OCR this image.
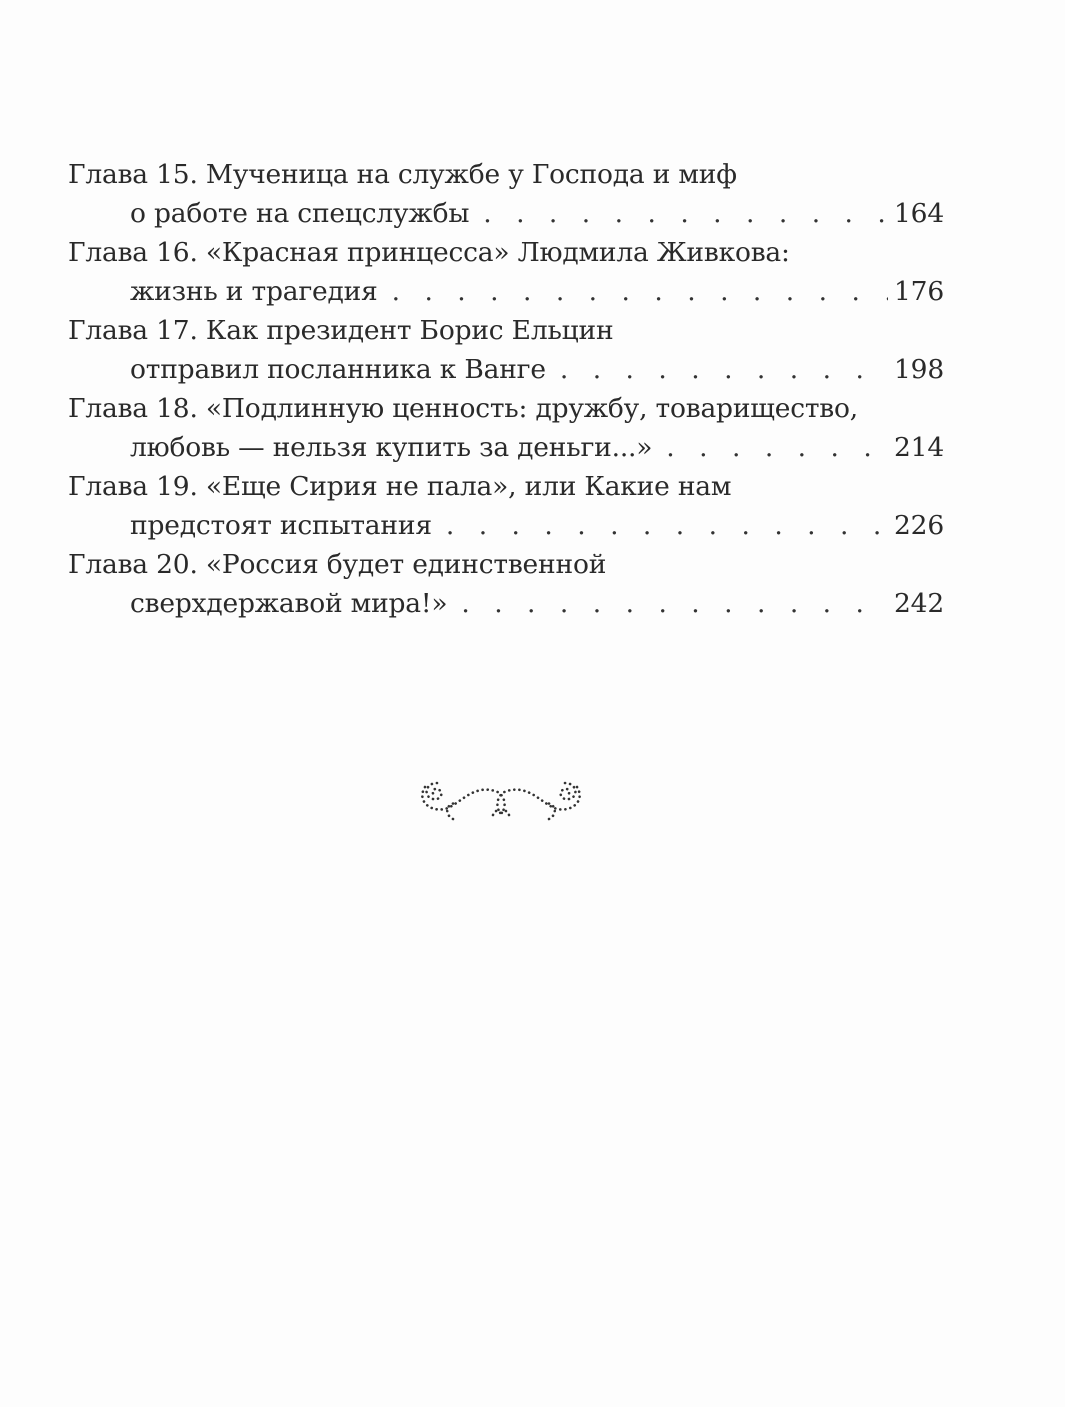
Глава 15. Мученица на службе у Господа и миф
о работе на спецслужбы . . .	164
Глава 16. «Красная принцесса» Людмила Живкова:
жизнь и трагедия . . .	176
Глава 17. Как президент Борис Ельцин
отправил посланника к Ванге . . .	198
Глава 18. «Подлинную ценность: дружбу, товарищество,
любовь — нельзя купить за деньги...» . . .	214
Глава 19. «Еще Сирия не пала», или Какие нам
предстоят испытания . . .	226
Глава 20. «Россия будет единственной
сверхдержавой мира!» . . .	242
